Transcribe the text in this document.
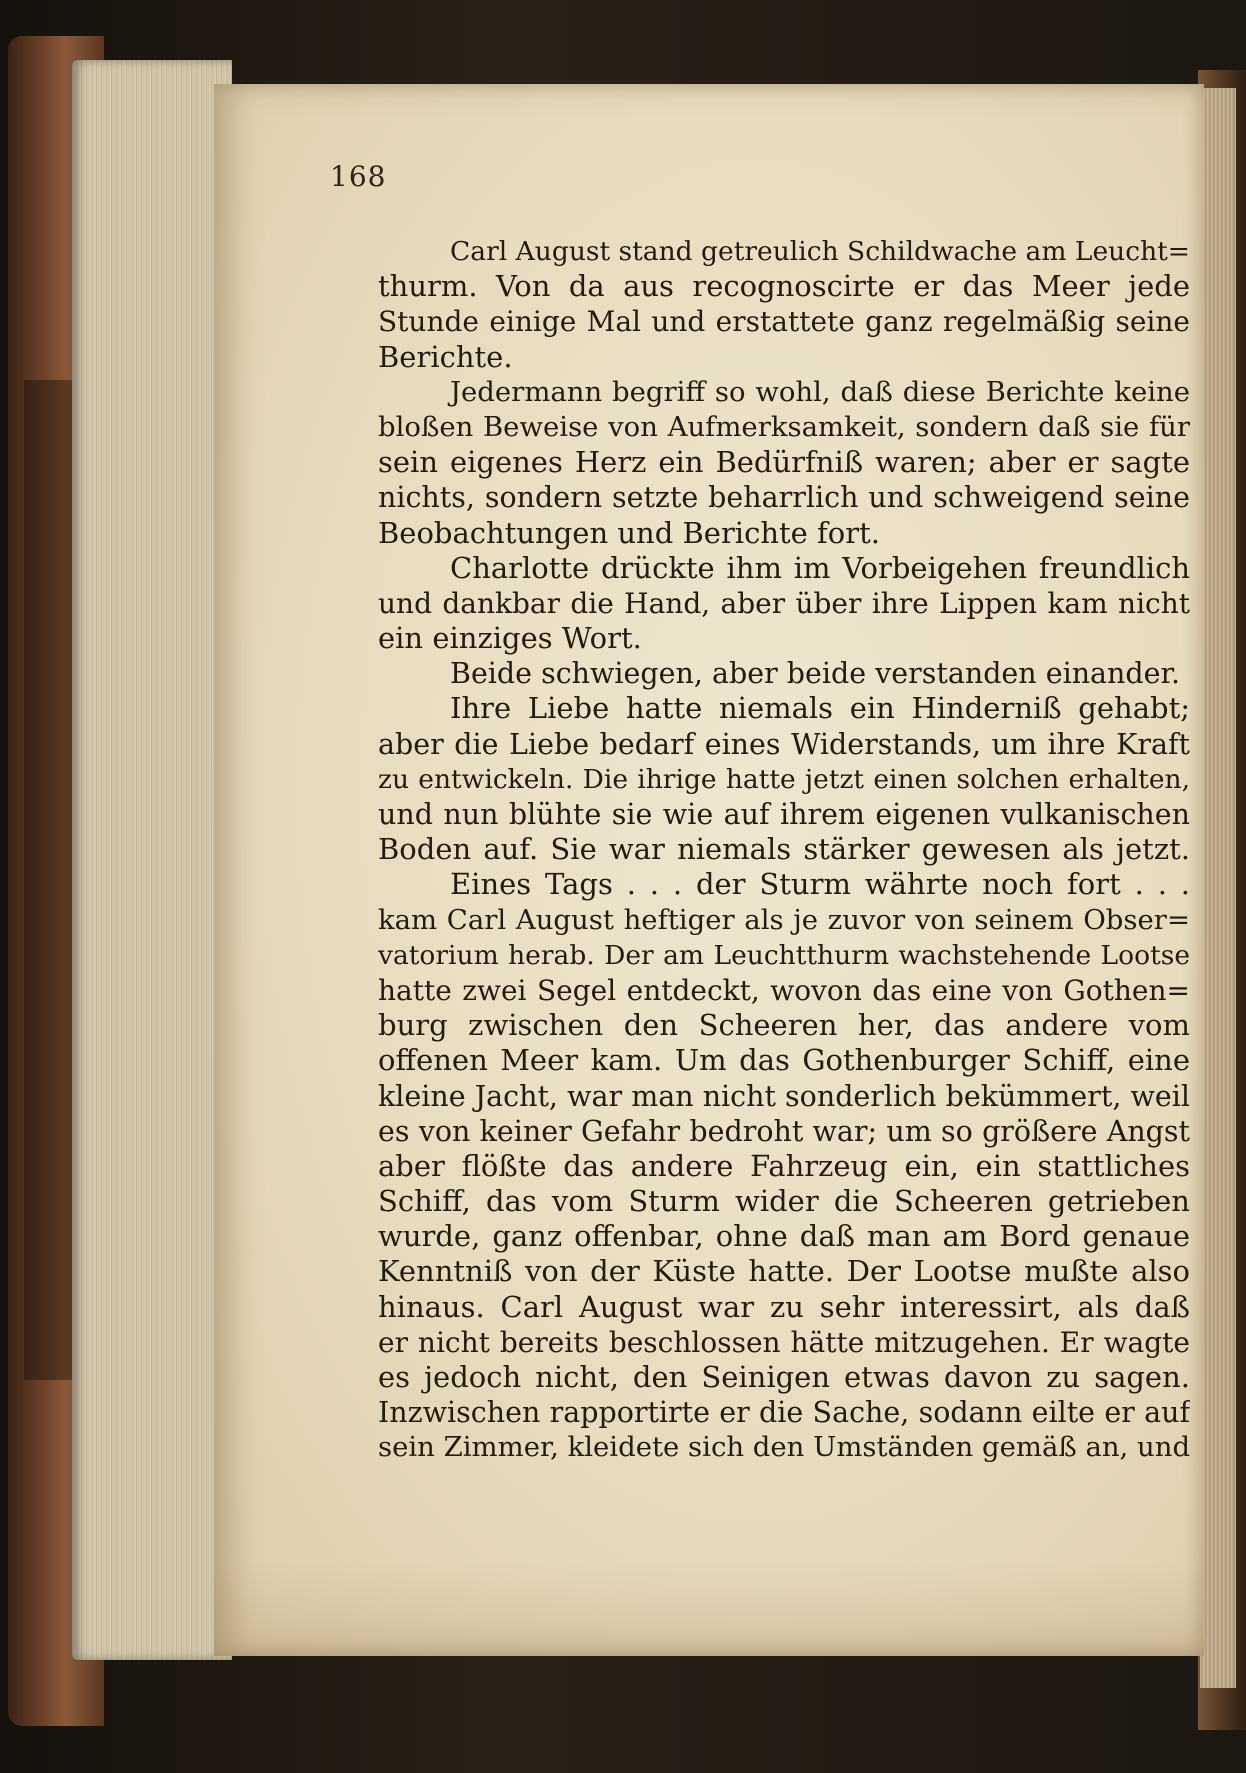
168
Carl August stand getreulich Schildwache am Leucht=
thurm. Von da aus recognoscirte er das Meer jede
Stunde einige Mal und erstattete ganz regelmäßig seine
Berichte.
Jedermann begriff so wohl, daß diese Berichte keine
bloßen Beweise von Aufmerksamkeit, sondern daß sie für
sein eigenes Herz ein Bedürfniß waren; aber er sagte
nichts, sondern setzte beharrlich und schweigend seine
Beobachtungen und Berichte fort.
Charlotte drückte ihm im Vorbeigehen freundlich
und dankbar die Hand, aber über ihre Lippen kam nicht
ein einziges Wort.
Beide schwiegen, aber beide verstanden einander.
Ihre Liebe hatte niemals ein Hinderniß gehabt;
aber die Liebe bedarf eines Widerstands, um ihre Kraft
zu entwickeln. Die ihrige hatte jetzt einen solchen erhalten,
und nun blühte sie wie auf ihrem eigenen vulkanischen
Boden auf. Sie war niemals stärker gewesen als jetzt.
Eines Tags . . . der Sturm währte noch fort . . .
kam Carl August heftiger als je zuvor von seinem Obser=
vatorium herab. Der am Leuchtthurm wachstehende Lootse
hatte zwei Segel entdeckt, wovon das eine von Gothen=
burg zwischen den Scheeren her, das andere vom
offenen Meer kam. Um das Gothenburger Schiff, eine
kleine Jacht, war man nicht sonderlich bekümmert, weil
es von keiner Gefahr bedroht war; um so größere Angst
aber flößte das andere Fahrzeug ein, ein stattliches
Schiff, das vom Sturm wider die Scheeren getrieben
wurde, ganz offenbar, ohne daß man am Bord genaue
Kenntniß von der Küste hatte. Der Lootse mußte also
hinaus. Carl August war zu sehr interessirt, als daß
er nicht bereits beschlossen hätte mitzugehen. Er wagte
es jedoch nicht, den Seinigen etwas davon zu sagen.
Inzwischen rapportirte er die Sache, sodann eilte er auf
sein Zimmer, kleidete sich den Umständen gemäß an, und
